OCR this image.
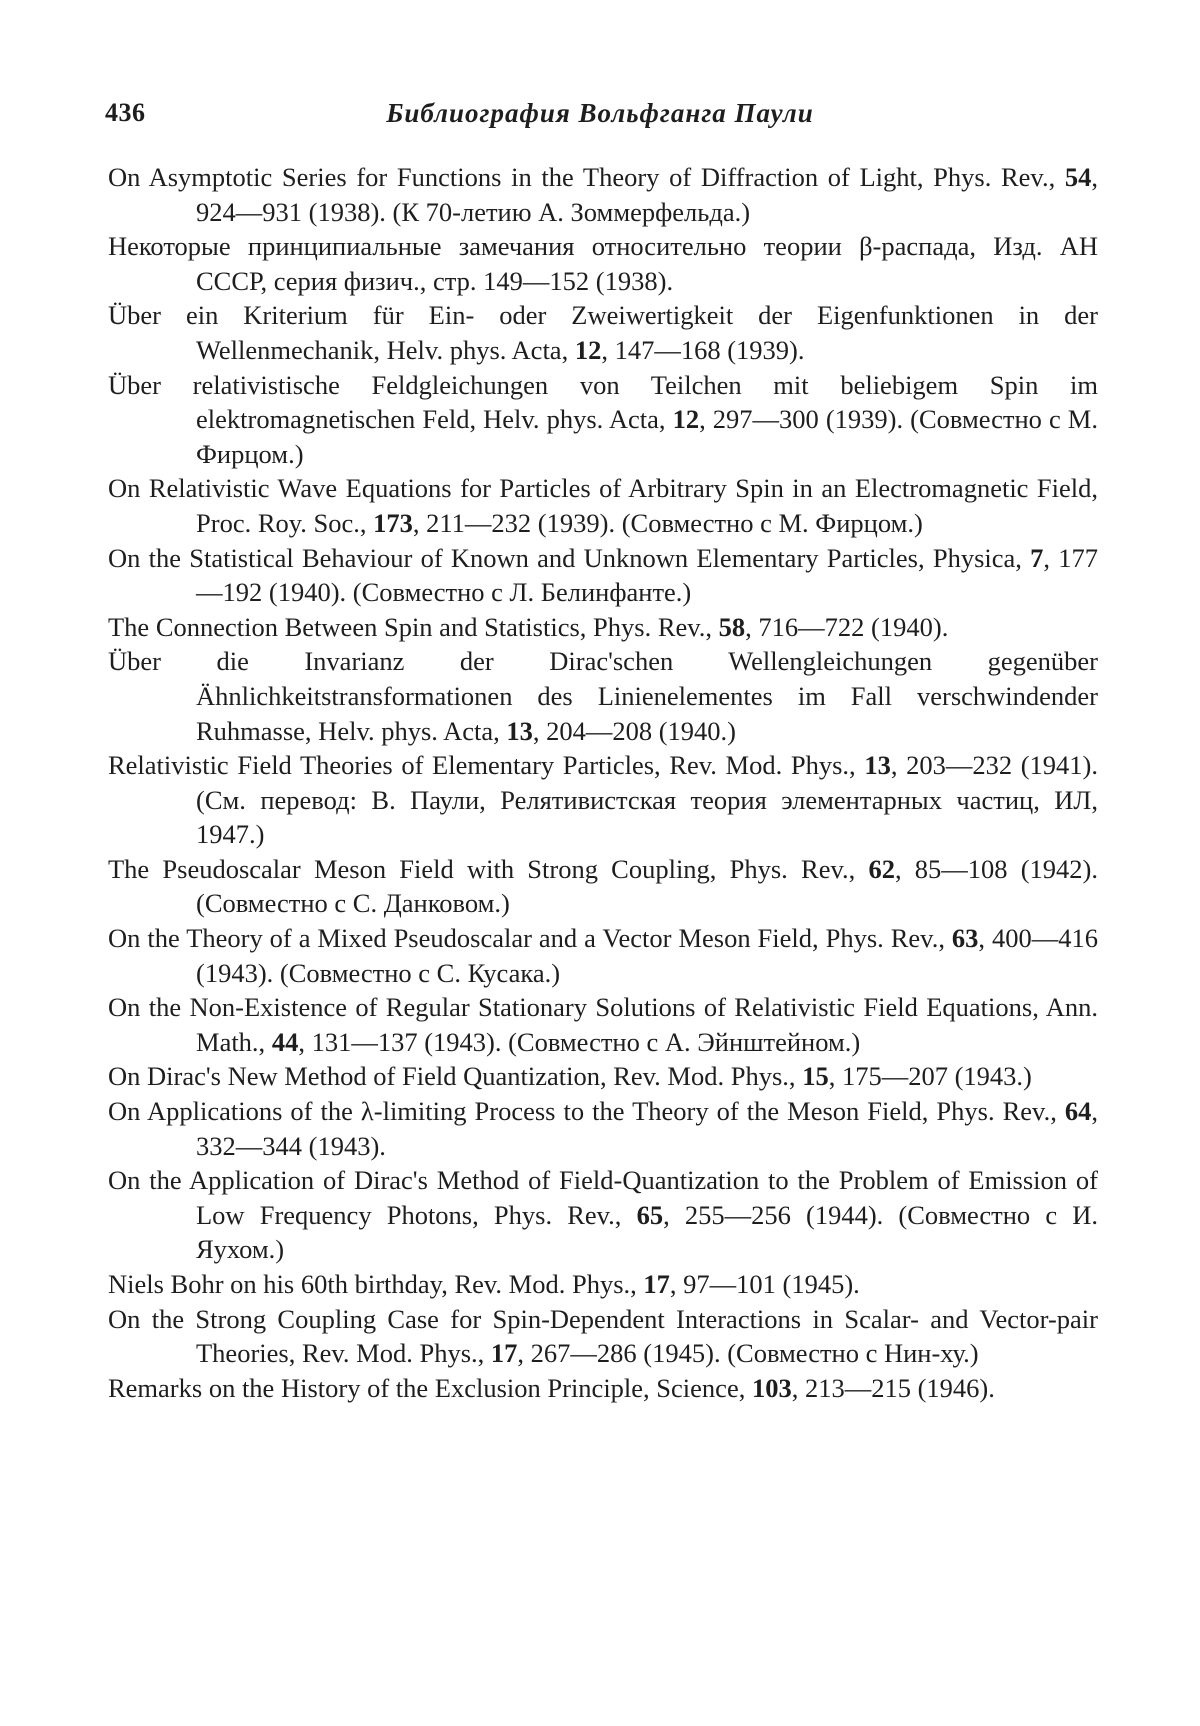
436	Библиография Вольфганга Паули

On Asymptotic Series for Functions in the Theory of Diffraction of Light, Phys. Rev., 54, 924—931 (1938). (К 70-летию А. Зоммерфельда.)

Некоторые принципиальные замечания относительно теории β-распада, Изд. АН СССР, серия физич., стр. 149—152 (1938).

Über ein Kriterium für Ein- oder Zweiwertigkeit der Eigenfunktionen in der Wellenmechanik, Helv. phys. Acta, 12, 147—168 (1939).

Über relativistische Feldgleichungen von Teilchen mit beliebigem Spin im elektromagnetischen Feld, Helv. phys. Acta, 12, 297—300 (1939). (Совместно с М. Фирцом.)

On Relativistic Wave Equations for Particles of Arbitrary Spin in an Electromagnetic Field, Proc. Roy. Soc., 173, 211—232 (1939). (Совместно с М. Фирцом.)

On the Statistical Behaviour of Known and Unknown Elementary Particles, Physica, 7, 177—192 (1940). (Совместно с Л. Белинфанте.)

The Connection Between Spin and Statistics, Phys. Rev., 58, 716—722 (1940).

Über die Invarianz der Dirac'schen Wellengleichungen gegenüber Ähnlichkeitstransformationen des Linienelementes im Fall verschwindender Ruhmasse, Helv. phys. Acta, 13, 204—208 (1940.)

Relativistic Field Theories of Elementary Particles, Rev. Mod. Phys., 13, 203—232 (1941). (См. перевод: В. Паули, Релятивистская теория элементарных частиц, ИЛ, 1947.)

The Pseudoscalar Meson Field with Strong Coupling, Phys. Rev., 62, 85—108 (1942). (Совместно с С. Данковом.)

On the Theory of a Mixed Pseudoscalar and a Vector Meson Field, Phys. Rev., 63, 400—416 (1943). (Совместно с С. Кусака.)

On the Non-Existence of Regular Stationary Solutions of Relativistic Field Equations, Ann. Math., 44, 131—137 (1943). (Совместно с А. Эйнштейном.)

On Dirac's New Method of Field Quantization, Rev. Mod. Phys., 15, 175—207 (1943.)

On Applications of the λ-limiting Process to the Theory of the Meson Field, Phys. Rev., 64, 332—344 (1943).

On the Application of Dirac's Method of Field-Quantization to the Problem of Emission of Low Frequency Photons, Phys. Rev., 65, 255—256 (1944). (Совместно с И. Яухом.)

Niels Bohr on his 60th birthday, Rev. Mod. Phys., 17, 97—101 (1945).

On the Strong Coupling Case for Spin-Dependent Interactions in Scalar- and Vector-pair Theories, Rev. Mod. Phys., 17, 267—286 (1945). (Совместно с Нин-ху.)

Remarks on the History of the Exclusion Principle, Science, 103, 213—215 (1946).
